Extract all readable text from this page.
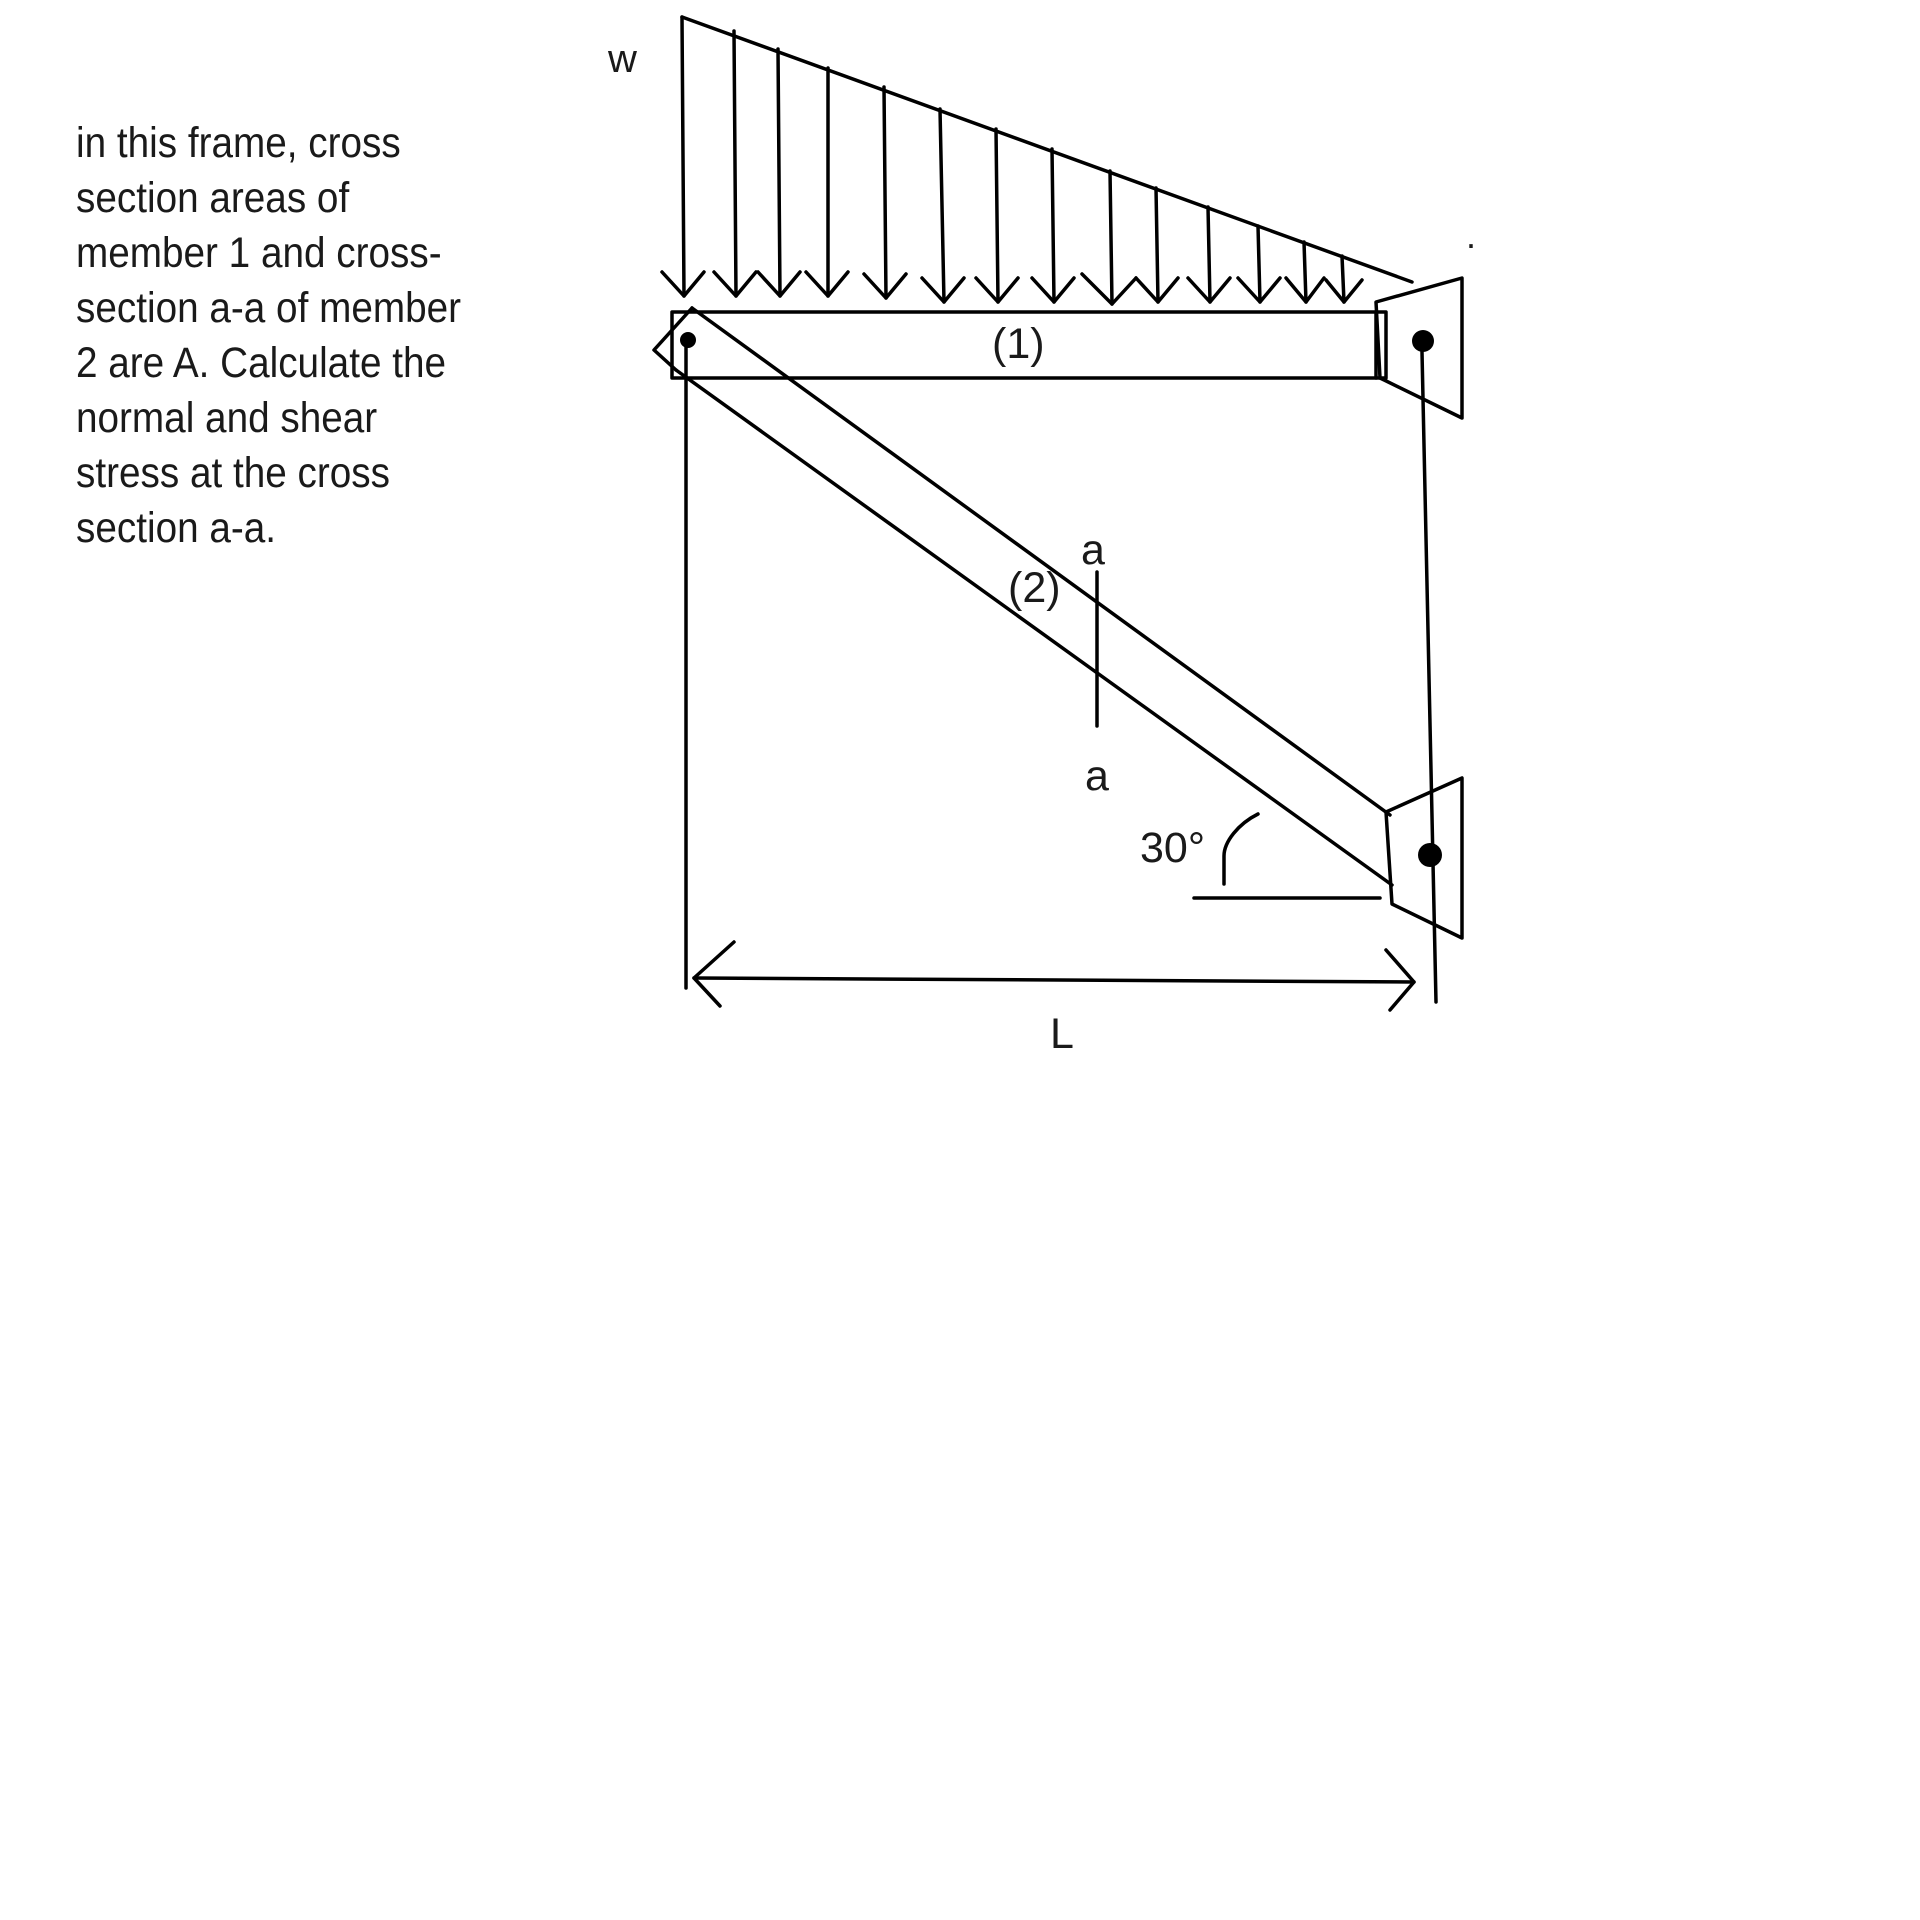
in this frame, cross
section areas of
member 1 and cross-
section a-a of member
2 are A. Calculate the
normal and shear
stress at the cross
section a-a.
.
w
(1)
(2)
a
a
30°
L
